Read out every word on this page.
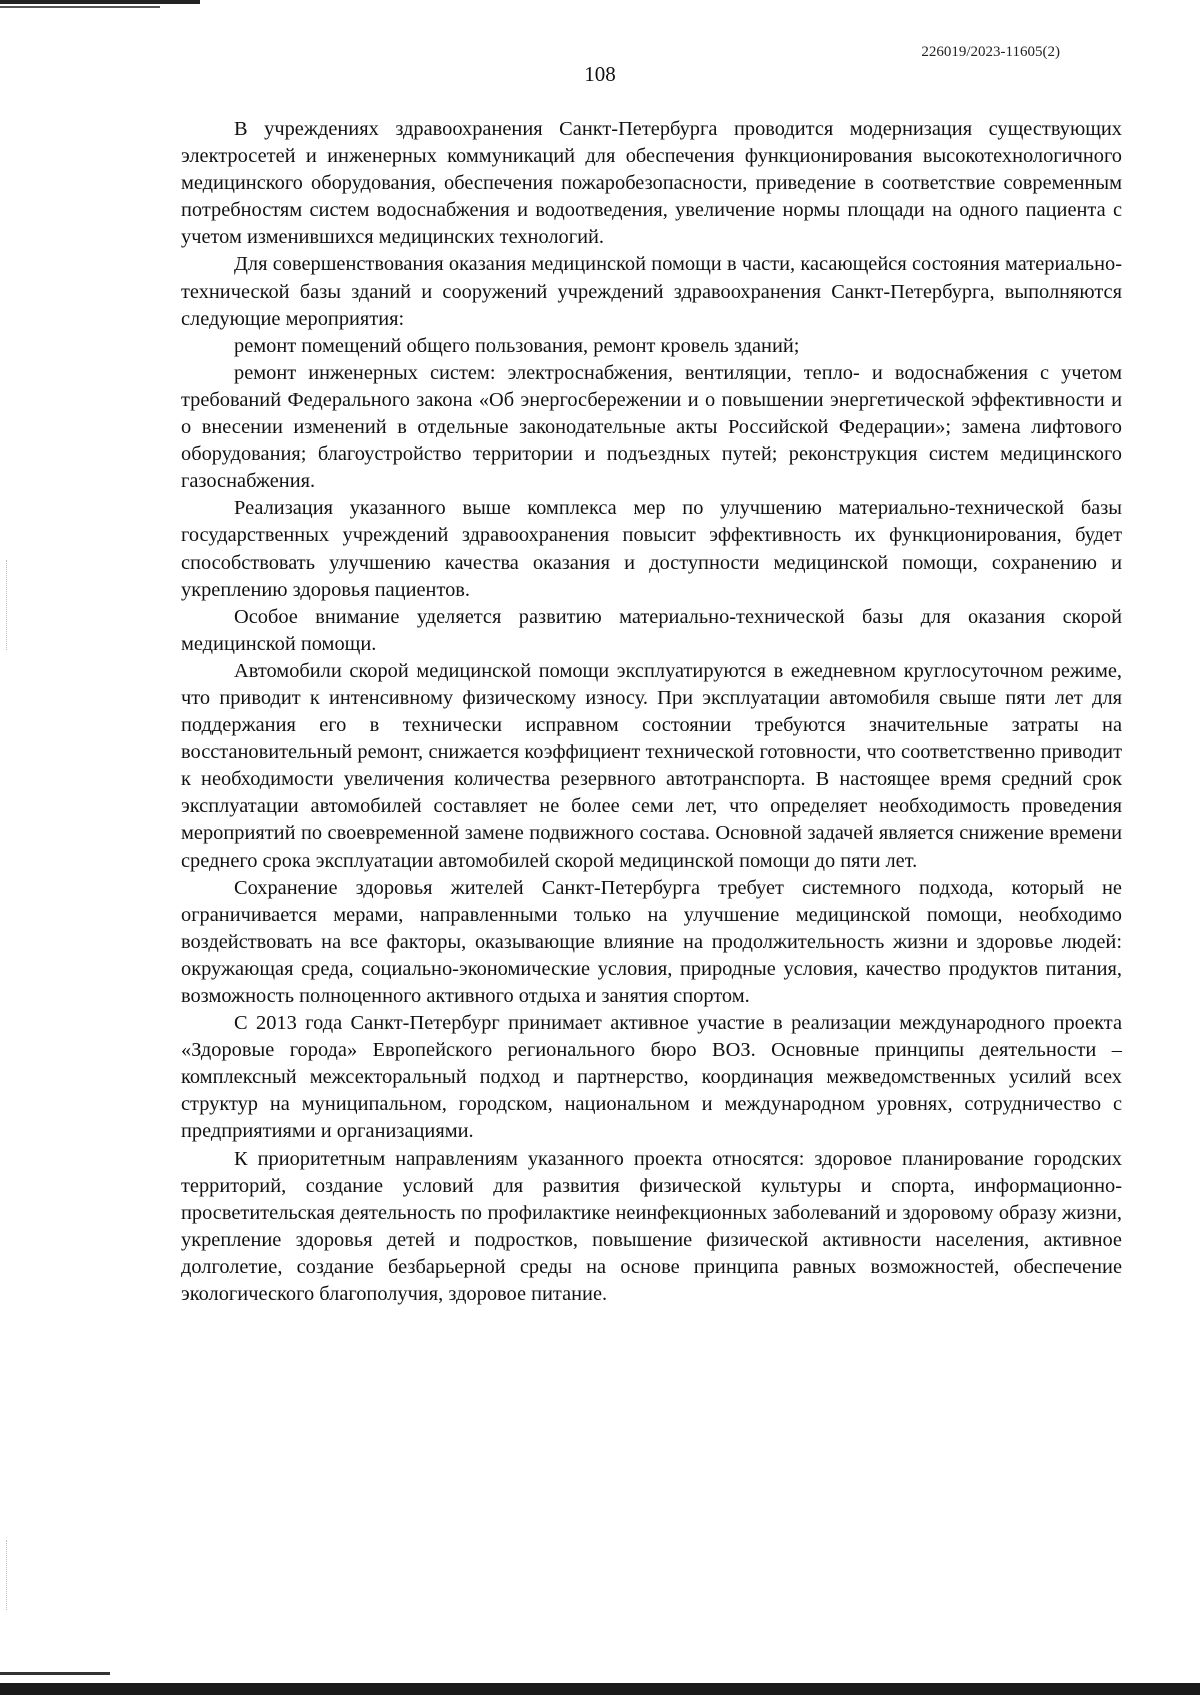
226019/2023-11605(2)
108

В учреждениях здравоохранения Санкт-Петербурга проводится модернизация существующих электросетей и инженерных коммуникаций для обеспечения функционирования высокотехнологичного медицинского оборудования, обеспечения пожаробезопасности, приведение в соответствие современным потребностям систем водоснабжения и водоотведения, увеличение нормы площади на одного пациента с учетом изменившихся медицинских технологий.

Для совершенствования оказания медицинской помощи в части, касающейся состояния материально-технической базы зданий и сооружений учреждений здравоохранения Санкт-Петербурга, выполняются следующие мероприятия:

ремонт помещений общего пользования, ремонт кровель зданий;

ремонт инженерных систем: электроснабжения, вентиляции, тепло- и водоснабжения с учетом требований Федерального закона «Об энергосбережении и о повышении энергетической эффективности и о внесении изменений в отдельные законодательные акты Российской Федерации»; замена лифтового оборудования; благоустройство территории и подъездных путей; реконструкция систем медицинского газоснабжения.

Реализация указанного выше комплекса мер по улучшению материально-технической базы государственных учреждений здравоохранения повысит эффективность их функционирования, будет способствовать улучшению качества оказания и доступности медицинской помощи, сохранению и укреплению здоровья пациентов.

Особое внимание уделяется развитию материально-технической базы для оказания скорой медицинской помощи.

Автомобили скорой медицинской помощи эксплуатируются в ежедневном круглосуточном режиме, что приводит к интенсивному физическому износу. При эксплуатации автомобиля свыше пяти лет для поддержания его в технически исправном состоянии требуются значительные затраты на восстановительный ремонт, снижается коэффициент технической готовности, что соответственно приводит к необходимости увеличения количества резервного автотранспорта. В настоящее время средний срок эксплуатации автомобилей составляет не более семи лет, что определяет необходимость проведения мероприятий по своевременной замене подвижного состава. Основной задачей является снижение времени среднего срока эксплуатации автомобилей скорой медицинской помощи до пяти лет.

Сохранение здоровья жителей Санкт-Петербурга требует системного подхода, который не ограничивается мерами, направленными только на улучшение медицинской помощи, необходимо воздействовать на все факторы, оказывающие влияние на продолжительность жизни и здоровье людей: окружающая среда, социально-экономические условия, природные условия, качество продуктов питания, возможность полноценного активного отдыха и занятия спортом.

С 2013 года Санкт-Петербург принимает активное участие в реализации международного проекта «Здоровые города» Европейского регионального бюро ВОЗ. Основные принципы деятельности – комплексный межсекторальный подход и партнерство, координация межведомственных усилий всех структур на муниципальном, городском, национальном и международном уровнях, сотрудничество с предприятиями и организациями.

К приоритетным направлениям указанного проекта относятся: здоровое планирование городских территорий, создание условий для развития физической культуры и спорта, информационно-просветительская деятельность по профилактике неинфекционных заболеваний и здоровому образу жизни, укрепление здоровья детей и подростков, повышение физической активности населения, активное долголетие, создание безбарьерной среды на основе принципа равных возможностей, обеспечение экологического благополучия, здоровое питание.
